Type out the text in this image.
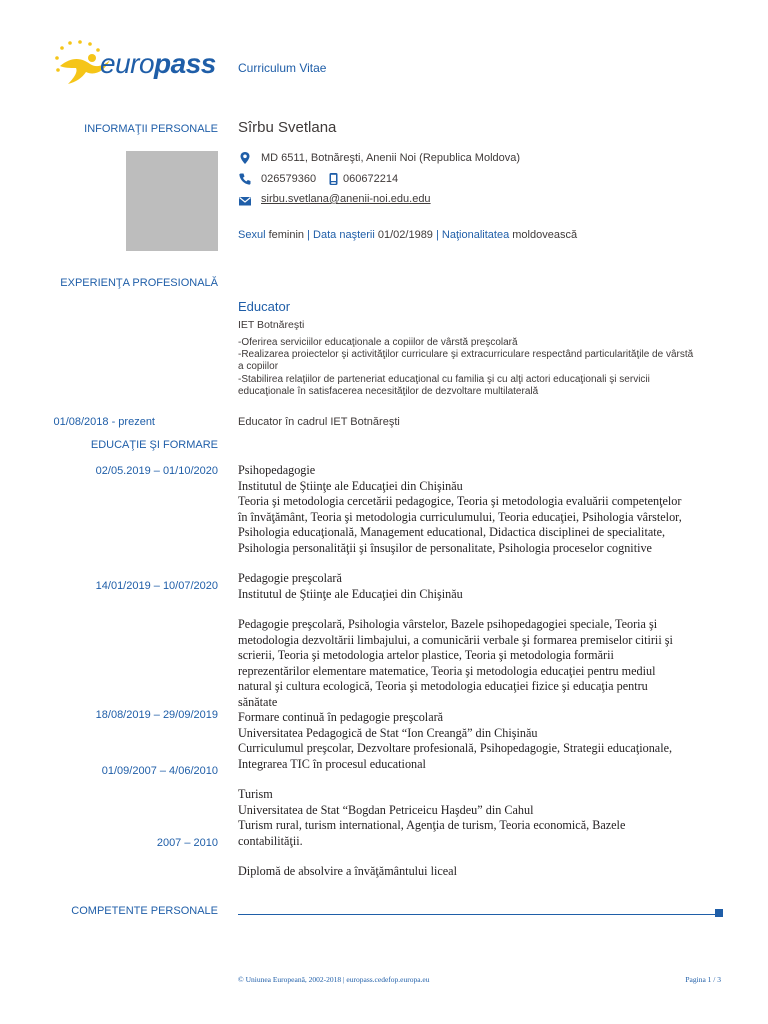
europass Curriculum Vitae
INFORMAŢII PERSONALE Sîrbu Svetlana
MD 6511, Botnăreşti, Anenii Noi (Republica Moldova)
026579360 060672214
sirbu.svetlana@anenii-noi.edu.edu
Sexul feminin | Data naşterii 01/02/1989 | Naţionalitatea moldovească
EXPERIENŢA PROFESIONALĂ
Educator
IET Botnăreşti
-Oferirea serviciilor educaţionale a copiilor de vârstă preşcolară
-Realizarea proiectelor şi activităţilor curriculare şi extracurriculare respectând particularităţile de vârstă
a copiilor
-Stabilirea relaţiilor de parteneriat educaţional cu familia şi cu alţi actori educaţionali şi servicii
educaţionale în satisfacerea necesităţilor de dezvoltare multilaterală
01/08/2018 - prezent	Educator în cadrul IET Botnăreşti
EDUCAŢIE ŞI FORMARE
02/05.2019 – 01/10/2020 Psihopedagogie
Institutul de Ştiinţe ale Educaţiei din Chişinău
Teoria şi metodologia cercetării pedagogice, Teoria şi metodologia evaluării competenţelor
în învăţământ, Teoria şi metodologia curriculumului, Teoria educaţiei, Psihologia vârstelor,
Psihologia educaţională, Management educational, Didactica disciplinei de specialitate,
Psihologia personalităţii şi însuşilor de personalitate, Psihologia proceselor cognitive
14/01/2019 – 10/07/2020
Pedagogie preşcolară
Institutul de Ştiinţe ale Educaţiei din Chişinău
Pedagogie preşcolară, Psihologia vârstelor, Bazele psihopedagogiei speciale, Teoria şi
metodologia dezvoltării limbajului, a comunicării verbale şi formarea premiselor citirii şi
scrierii, Teoria şi metodologia artelor plastice, Teoria şi metodologia formării
reprezentărilor elementare matematice, Teoria şi metodologia educaţiei pentru mediul
natural şi cultura ecologică, Teoria şi metodologia educaţiei fizice şi educaţia pentru
sănătate
18/08/2019 – 29/09/2019 Formare continuă în pedagogie preşcolară
Universitatea Pedagogică de Stat “Ion Creangă” din Chişinău
Curriculumul preşcolar, Dezvoltare profesională, Psihopedagogie, Strategii educaţionale,
Integrarea TIC în procesul educational
01/09/2007 – 4/06/2010
Turism
Universitatea de Stat “Bogdan Petriceicu Haşdeu” din Cahul
Turism rural, turism international, Agenţia de turism, Teoria economică, Bazele
contabilităţii.
2007 – 2010
Diplomă de absolvire a învăţământului liceal
COMPETENTE PERSONALE
© Uniunea Europeană, 2002-2018 | europass.cedefop.europa.eu	Pagina 1 / 3
